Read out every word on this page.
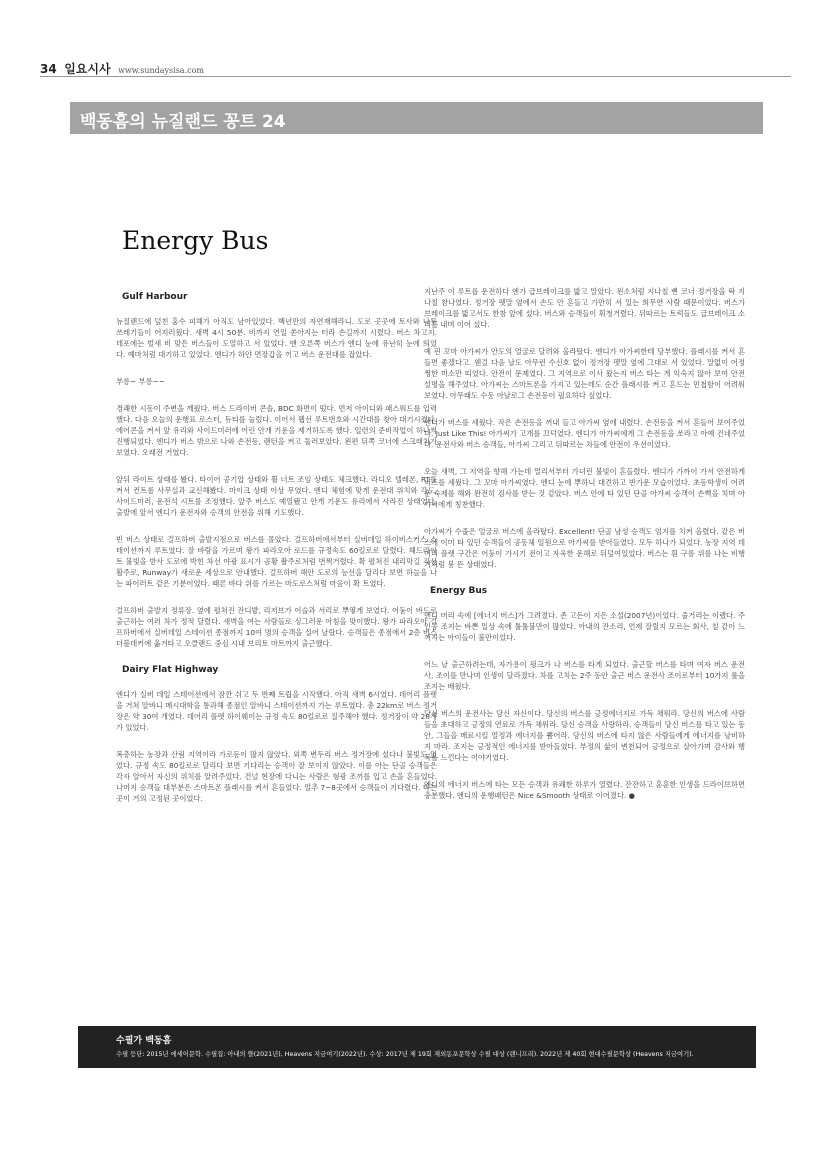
34 일요시사 www.sundaysisa.com
백동흠의 뉴질랜드 꽁트 24
Energy Bus
Gulf Harbour
뉴질랜드에 덮친 홍수 피해가 아직도 남아있었다. 백년만의 자연재해라니. 도로 곳곳에 토사와 나무 쓰레기들이 어지러웠다. 새벽 4시 50분. 비까지 연일 쏟아지는 터라 손길까지 시렸다. 버스 차고지. 데포에는 벌새 비 맞은 버스들이 도열하고 서 있었다. 맨 오른쪽 버스가 엔디 눈에 유난히 눈에 띄었다. 예마처럼 대기하고 있었다. 엔디가 하얀 면장갑을 끼고 버스 운전대를 잡았다.
부릉~ 부릉~~
경쾌한 시동이 주변을 깨웠다. 버스 드라이버 콘솔, BDC 화면이 떴다. 먼저 아이디와 패스워드를 입력했다. 다음 오늘의 운행표 로스터, 듀티를 눌렀다. 이어서 웹선 루트번호와 시간대를 찾아 대기시켰다. 에어콘을 켜서 앞 유리와 사이드미러에 어린 안개 기운을 제거하도록 했다. 일련의 준비작업이 하나씩 진행되었다. 엔디가 버스 밖으로 나와 손전등, 랜턴을 켜고 둘러보았다. 왼편 뒤쪽 코너에 스크래치가 보였다. 오래전 거였다.
앞뒤 라이트 상태를 봤다. 타이어 공기압 상태와 휠 너트 조임 상태도 체크했다. 라디오 텔레폰, RT를 켜서 컨트롤 사무실과 교신해봤다. 마이크 상태 이상 무였다. 엔디 체험에 맞게 운전대 위치와 각도, 사이드미러, 운전석 시트를 조정했다. 앞주 버스도 예열됐고 안개 기운도 유리에서 사라진 상태였다. 출발에 앞서 엔디가 운전자와 승객의 안전을 위해 기도했다.
빈 버스 상태로 걸프하버 출발지점으로 버스를 몰았다. 걸프하버에서부터 실버데일 하이비스커스 스테이션까지 루트였다. 잘 바람을 가르며 왕가 파라오아 로드를 규정속도 60킬로로 달렸다. 헤드라이트 불빛을 받사 도로에 박힌 차선 야광 표시가 곰황 촬주로처럼 번쩍거렸다. 확 펼쳐진 내리막길 직선 활주로, Runway가 새로운 세상으로 안내했다. 걸프하버 해안 도로의 능선을 달리다 보면 하늘을 나는 파이러트 같은 기분이었다. 때론 바다 위를 가르는 마도로스처럼 마음이 확 트였다.
걸프하버 출발지 정류장. 옆에 펼쳐진 잔디밭, 리저브가 이슬과 서리로 뿌옇게 보였다. 어둠이 바드로 출근하는 여러 차가 정적 달렸다. 새벽을 여는 사람들로 싱그러운 아침을 맞이했다. 왕가 파라오아 걸프하버에서 실버데일 스테이션 종점까지 10여 명의 승객을 실어 날랐다. 승객들은 종점에서 2층 버스 더블데커에 옮겨타고 오클랜드 중심 시내 브리토 마트까지 출근했다.
Dairy Flat Highway
엔디가 실버 데일 스테이션에서 잠깐 쉬고 두 번째 트립을 시작했다. 아직 새벽 6시였다. 데어리 플렛을 거쳐 알바니 메시대학을 통과해 종점인 알바니 스테이션까지 가는 루트였다. 총 22km로 버스 정거장은 약 30여 개였다. 데어리 플렛 하이웨이는 규정 속도 80킬로로 질주해야 했다. 정거장이 약 20개가 있었다.
복층하는 농장과 산림 지역이라 가로등이 많지 않았다. 외쪽 변두리 버스 정거장에 섰다나 불빛도 없었다. 규정 속도 80킬로로 달리다 보면 기다리는 승객이 잘 보이지 않았다. 이를 아는 단골 승객들은 각자 알아서 자신의 위치를 알려주었다. 건널 현장에 다니는 사람은 형광 조끼를 입고 손을 흔들었다. 나머지 승객들 대부분은 스마트폰 플래시를 켜서 흔들었다. 얼추 7~8곳에서 승객들이 기다렸다. 타는 곳이 거의 고정된 곳이었다.
지난주 이 루트를 운전하다 엔가 급브레이크를 밟고 말았다. 꾄소처럼 지나칠 뻔 코너 정거장을 딱 지나칠 참나였다. 정거장 펫말 옆에서 손도 안 흔들고 가만히 서 있는 희무연 사람 때문이었다. 버스가 브레이크를 밟고서도 한참 앞에 섰다. 버스와 승객들이 휘청거렸다. 뒤따르는 트럭들도 급브레이크 소리를 내며 이어 섰다.
예 핀 꼬마 아가씨가 안도의 얼굴로 달려와 올라탔다. 엔디가 아가씨한테 당부했다. 플래시를 켜서 흔들면 좋겠다고. 웬걸 다음 날도 아무런 수신호 없이 정거장 펫말 옆에 그대로 서 있었다. 말없이 어정쩡한 미소만 띠었다. 안전이 문제였다. 그 지역으로 이사 왔는지 버스 타는 게 익숙지 않아 보여 안전 설명을 해주었다. 아가씨는 스마트폰을 가지고 있는데도 순간 플래시를 켜고 흔드는 민첩함이 어려워 보였다. 아무래도 수동 아날로그 손전등이 필요하다 싶었다.
엔디가 버스를 세웠다. 작은 손전등을 꺼내 들고 아가씨 옆에 내렸다. 손전등을 켜서 흔들어 보여주었다. Just Like This! 아가씨가 고개를 끄덕였다. 엔디가 아가씨에게 그 손전등을 쏘라고 아예 건네주었다. 운전사와 버스 승객들, 아가씨 그리고 뒤따르는 차들에 안전이 우선이었다.
오늘 새벽, 그 지역을 향해 가는데 멀리서부터 가녀린 불빛이 흔들렸다. 엔디가 가까이 가서 안전하게 버스를 세웠다. 그 꼬마 아가씨였다. 엔디 눈에 뿌하니 대견하고 반가운 모습이었다. 초등학생이 어려운 숙제를 해와 완전히 검사를 받는 것 같았다. 버스 안에 타 있던 단골 아가씨 승객이 손뼉을 치며 아가씨에게 칭찬했다.
아가씨가 수줍은 얼굴로 버스에 올라탔다. Excellent! 단골 남성 승객도 엄지를 치켜 올렸다. 같은 버스에 이미 타 있던 승객들이 공동체 일원으로 아가씨를 받아들였다. 모두 하나가 되었다. 농장 지역 데어리 플렛 구간은 어둥이 가시기 전이고 자욱한 운해로 뒤덮여있었다. 버스는 흰 구름 위를 나는 비행기처럼 붕 뜬 상태였다.
Energy Bus
엔디 머리 속에 [에너지 버스]가 그려졌다. 존 고든이 지은 소설(2007년)이었다. 줄거리는 이랬다. 주인공 조지는 바쁜 일상 속에 툴툴불만이 많았다. 아내의 잔소리, 언제 잘릴지 모르는 회사, 칠 같이 느껴지는 아이들이 불만이었다.
어느 날 출근하려는데, 자가용이 펑크가 나 버스를 타게 되었다. 출근할 버스를 타며 여자 버스 운전사, 조이를 만나며 인생이 달라졌다. 차를 고치는 2주 동안 출근 버스 운전사 조이로부터 10가지 룰을 조지는 배웠다.
당신 버스의 운전사는 당신 자신이다. 당신의 버스를 긍정에너지로 가득 채워라. 당신의 버스에 사람들을 초대하고 긍정의 연료로 가득 채워라. 당신 승객을 사랑하라. 승객들이 당신 버스를 타고 있는 동안, 그들을 매료시킬 열정과 에너지를 뿜어라. 당신의 버스에 타지 않은 사람들에게 에너지를 낭비하지 마라. 조지는 긍정적인 에너지를 받아들였다. 부정의 삶이 변천되어 긍정으로 살아가며 감사와 행복을 느낀다는 이야기였다.
엔디의 에너지 버스에 타는 모든 승객과 유쾌한 하루가 열렸다. 잔잔하고 훈훈한 인생을 드라이브하면 충분했다. 엔디의 운행패턴은 Nice &Smooth 상태로 이어졌다. ●
수필가 백동흠
수필 등단: 2015년 에세이문학. 수필집: 아내의 뜰(2021년), Heavens 지금여기(2022년). 수상: 2017년 제 19회 재외동포문학상 수필 대상 (랜니프리). 2022년 제 40회 현대수필문학상 (Heavens 지금여기).
